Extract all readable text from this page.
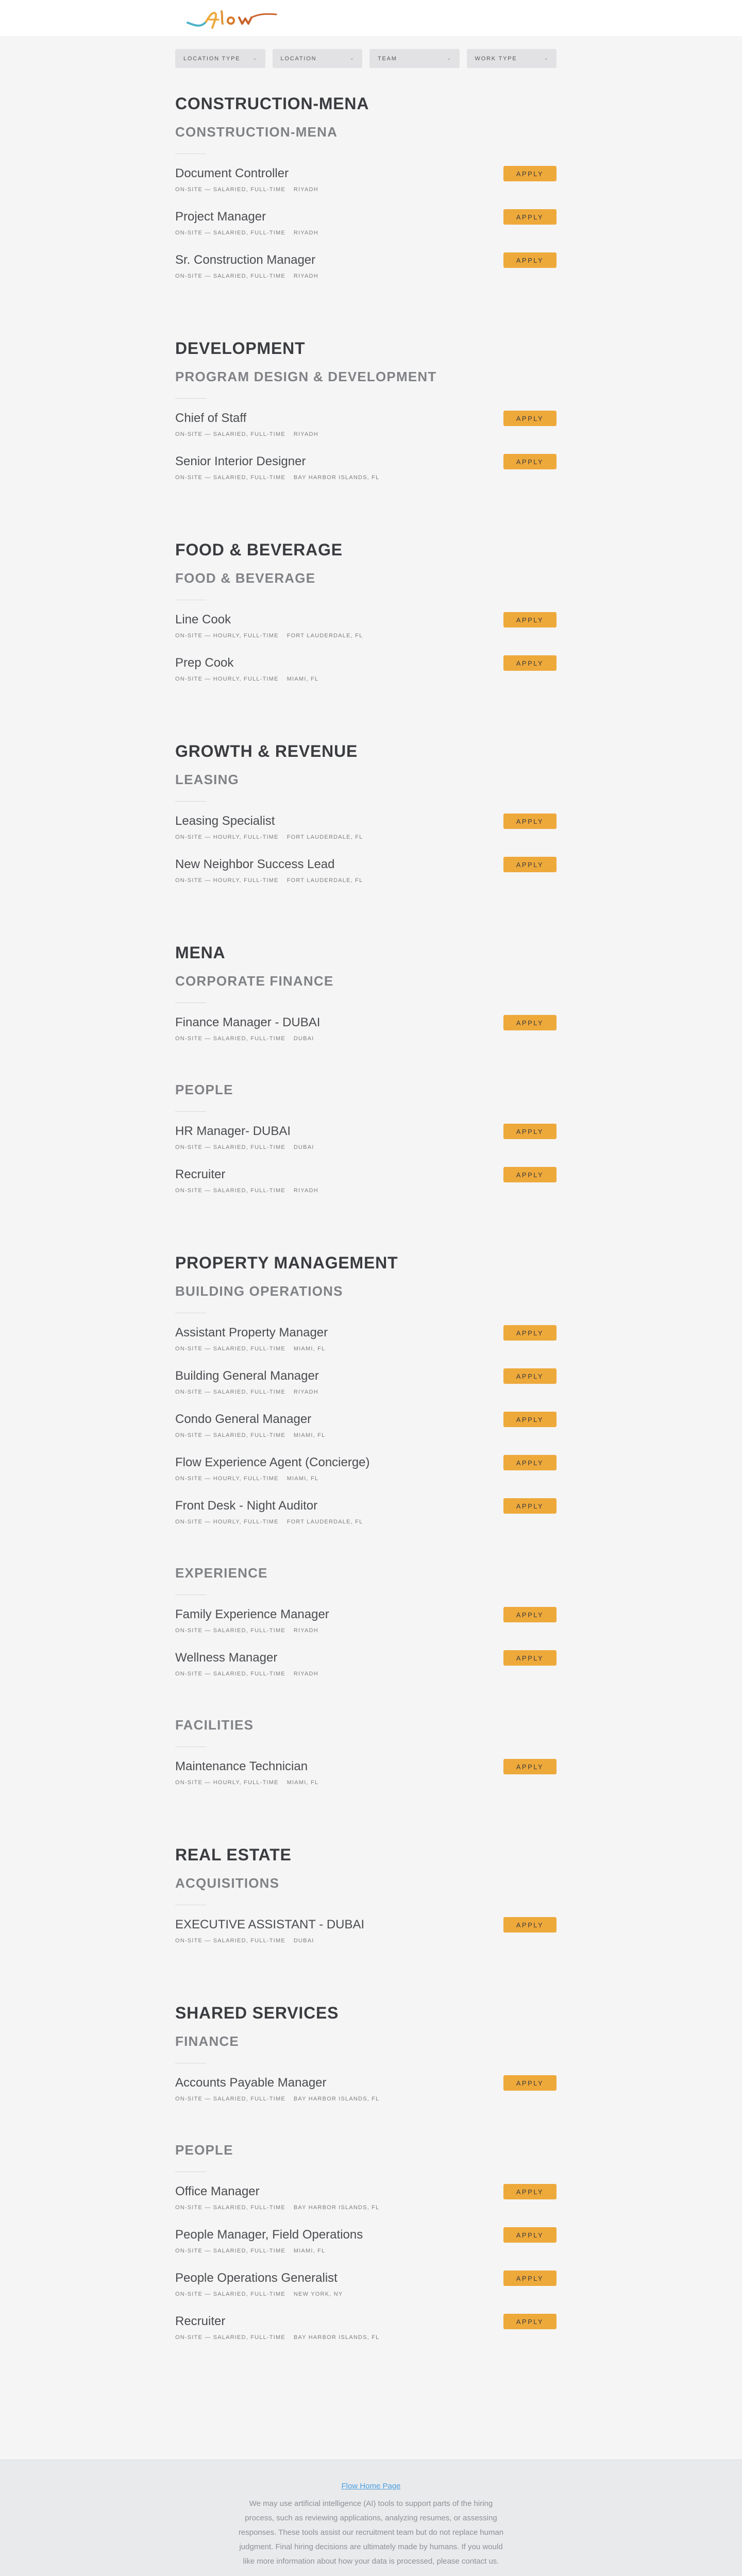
LOCATION TYPE ⌄	LOCATION	⌄	TEAM	⌄	WORK TYPE	⌄
CONSTRUCTION-MENA
CONSTRUCTION-MENA
Document Controller
ON-SITE — SALARIED, FULL-TIME RIYADH
APPLY
Project Manager
ON-SITE — SALARIED, FULL-TIME RIYADH
APPLY
Sr. Construction Manager
ON-SITE — SALARIED, FULL-TIME RIYADH
APPLY
DEVELOPMENT
PROGRAM DESIGN & DEVELOPMENT
Chief of Staff
ON-SITE — SALARIED, FULL-TIME RIYADH
APPLY
Senior Interior Designer
ON-SITE — SALARIED, FULL-TIME BAY HARBOR ISLANDS, FL
APPLY
FOOD & BEVERAGE
FOOD & BEVERAGE
Line Cook
ON-SITE — HOURLY, FULL-TIME FORT LAUDERDALE, FL
APPLY
Prep Cook
ON-SITE — HOURLY, FULL-TIME MIAMI, FL
APPLY
GROWTH & REVENUE
LEASING
Leasing Specialist
ON-SITE — HOURLY, FULL-TIME FORT LAUDERDALE, FL
APPLY
New Neighbor Success Lead
ON-SITE — HOURLY, FULL-TIME FORT LAUDERDALE, FL
APPLY
MENA
CORPORATE FINANCE
Finance Manager - DUBAI
ON-SITE — SALARIED, FULL-TIME DUBAI
APPLY
PEOPLE
HR Manager- DUBAI
ON-SITE — SALARIED, FULL-TIME DUBAI
APPLY
Recruiter
ON-SITE — SALARIED, FULL-TIME RIYADH
APPLY
PROPERTY MANAGEMENT
BUILDING OPERATIONS
Assistant Property Manager
ON-SITE — SALARIED, FULL-TIME MIAMI, FL
APPLY
Building General Manager
ON-SITE — SALARIED, FULL-TIME RIYADH
APPLY
Condo General Manager
ON-SITE — SALARIED, FULL-TIME MIAMI, FL
APPLY
Flow Experience Agent (Concierge)
ON-SITE — HOURLY, FULL-TIME MIAMI, FL
APPLY
Front Desk - Night Auditor
ON-SITE — HOURLY, FULL-TIME FORT LAUDERDALE, FL
APPLY
EXPERIENCE
Family Experience Manager
ON-SITE — SALARIED, FULL-TIME RIYADH
APPLY
Wellness Manager
ON-SITE — SALARIED, FULL-TIME RIYADH
APPLY
FACILITIES
Maintenance Technician
ON-SITE — HOURLY, FULL-TIME MIAMI, FL
APPLY
REAL ESTATE
ACQUISITIONS
EXECUTIVE ASSISTANT - DUBAI
ON-SITE — SALARIED, FULL-TIME DUBAI
APPLY
SHARED SERVICES
FINANCE
Accounts Payable Manager
ON-SITE — SALARIED, FULL-TIME BAY HARBOR ISLANDS, FL
APPLY
PEOPLE
Office Manager
ON-SITE — SALARIED, FULL-TIME BAY HARBOR ISLANDS, FL
APPLY
People Manager, Field Operations
ON-SITE — SALARIED, FULL-TIME MIAMI, FL
APPLY
People Operations Generalist
ON-SITE — SALARIED, FULL-TIME NEW YORK, NY
APPLY
Recruiter
ON-SITE — SALARIED, FULL-TIME BAY HARBOR ISLANDS, FL
APPLY
Flow Home Page

We may use artificial intelligence (AI) tools to support parts of the hiring process, such as reviewing applications, analyzing resumes, or assessing responses. These tools assist our recruitment team but do not replace human judgment. Final hiring decisions are ultimately made by humans. If you would like more information about how your data is processed, please contact us.
